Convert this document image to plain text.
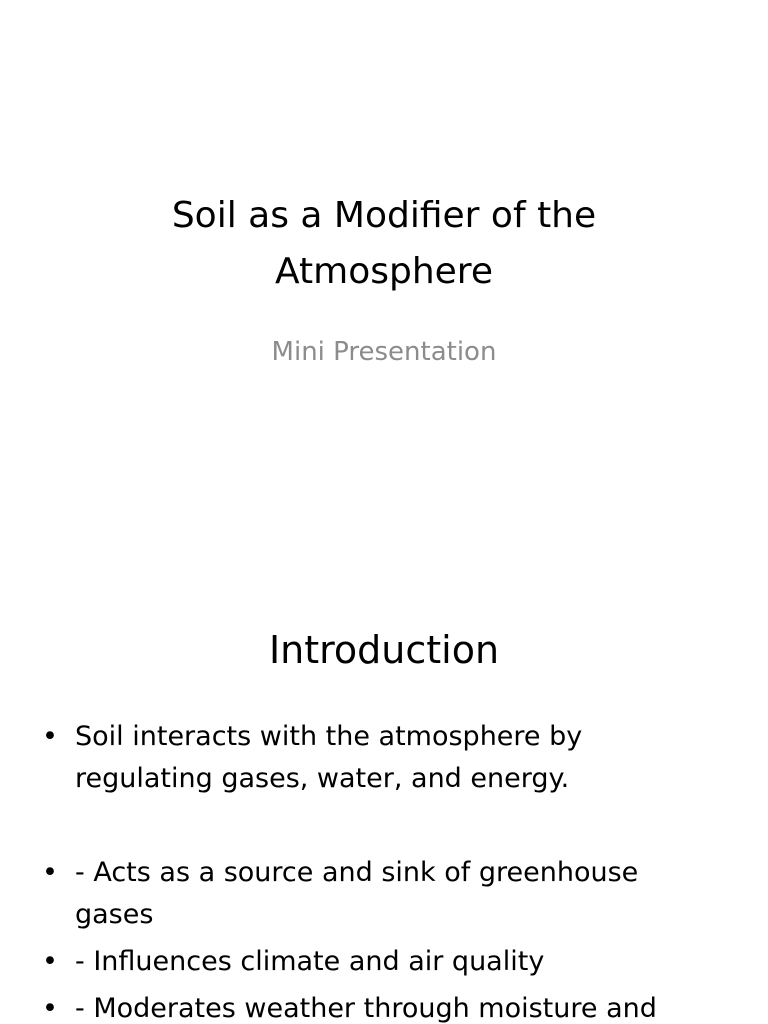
Soil as a Modifier of the
Atmosphere

Mini Presentation

Introduction
• Soil interacts with the atmosphere by regulating gases, water, and energy.
• - Acts as a source and sink of greenhouse gases
• - Influences climate and air quality
• - Moderates weather through moisture and
